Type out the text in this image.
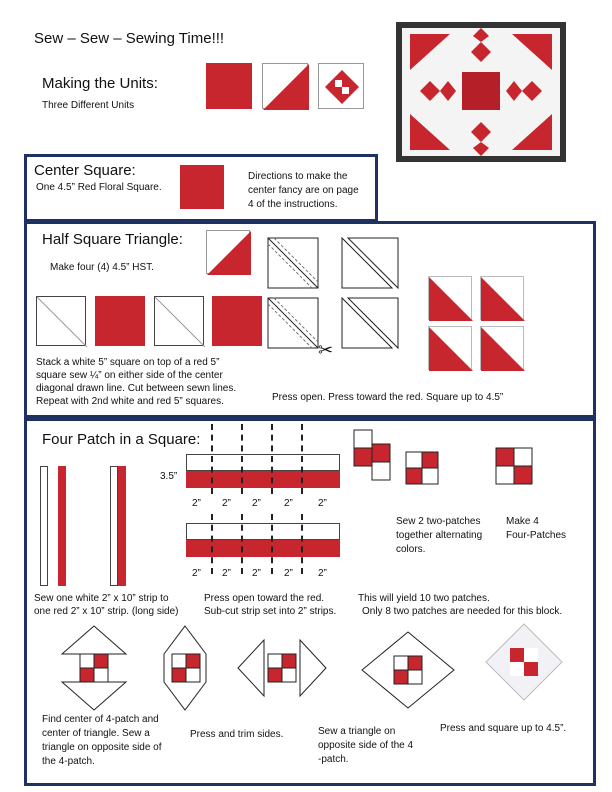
Sew – Sew – Sewing Time!!!
Making the Units:
Three Different Units
Center Square:
One 4.5” Red Floral Square.
Directions to make the
center fancy are on page
4 of the instructions.
Half Square Triangle:
Make four (4) 4.5” HST.
✂
Stack a white 5” square on top of a red 5”
square sew ¼” on either side of the center
diagonal drawn line. Cut between sewn lines.
Repeat with 2nd white and red 5” squares.	Press open. Press toward the red. Square up to 4.5”
Four Patch in a Square:
3.5”
2” 2” 2” 2”	2”
2” 2” 2” 2”	2”
Sew 2 two-patches
together alternating
colors.
Make 4
Four-Patches
Sew one white 2” x 10” strip to
one red 2” x 10” strip. (long side)
Press open toward the red.
Sub-cut strip set into 2” strips.
This will yield 10 two patches.
Only 8 two patches are needed for this block.
Find center of 4-patch and
center of triangle. Sew a
triangle on opposite side of
the 4-patch.
Press and trim sides.	Sew a triangle on
opposite side of the 4
-patch.
Press and square up to 4.5”.
